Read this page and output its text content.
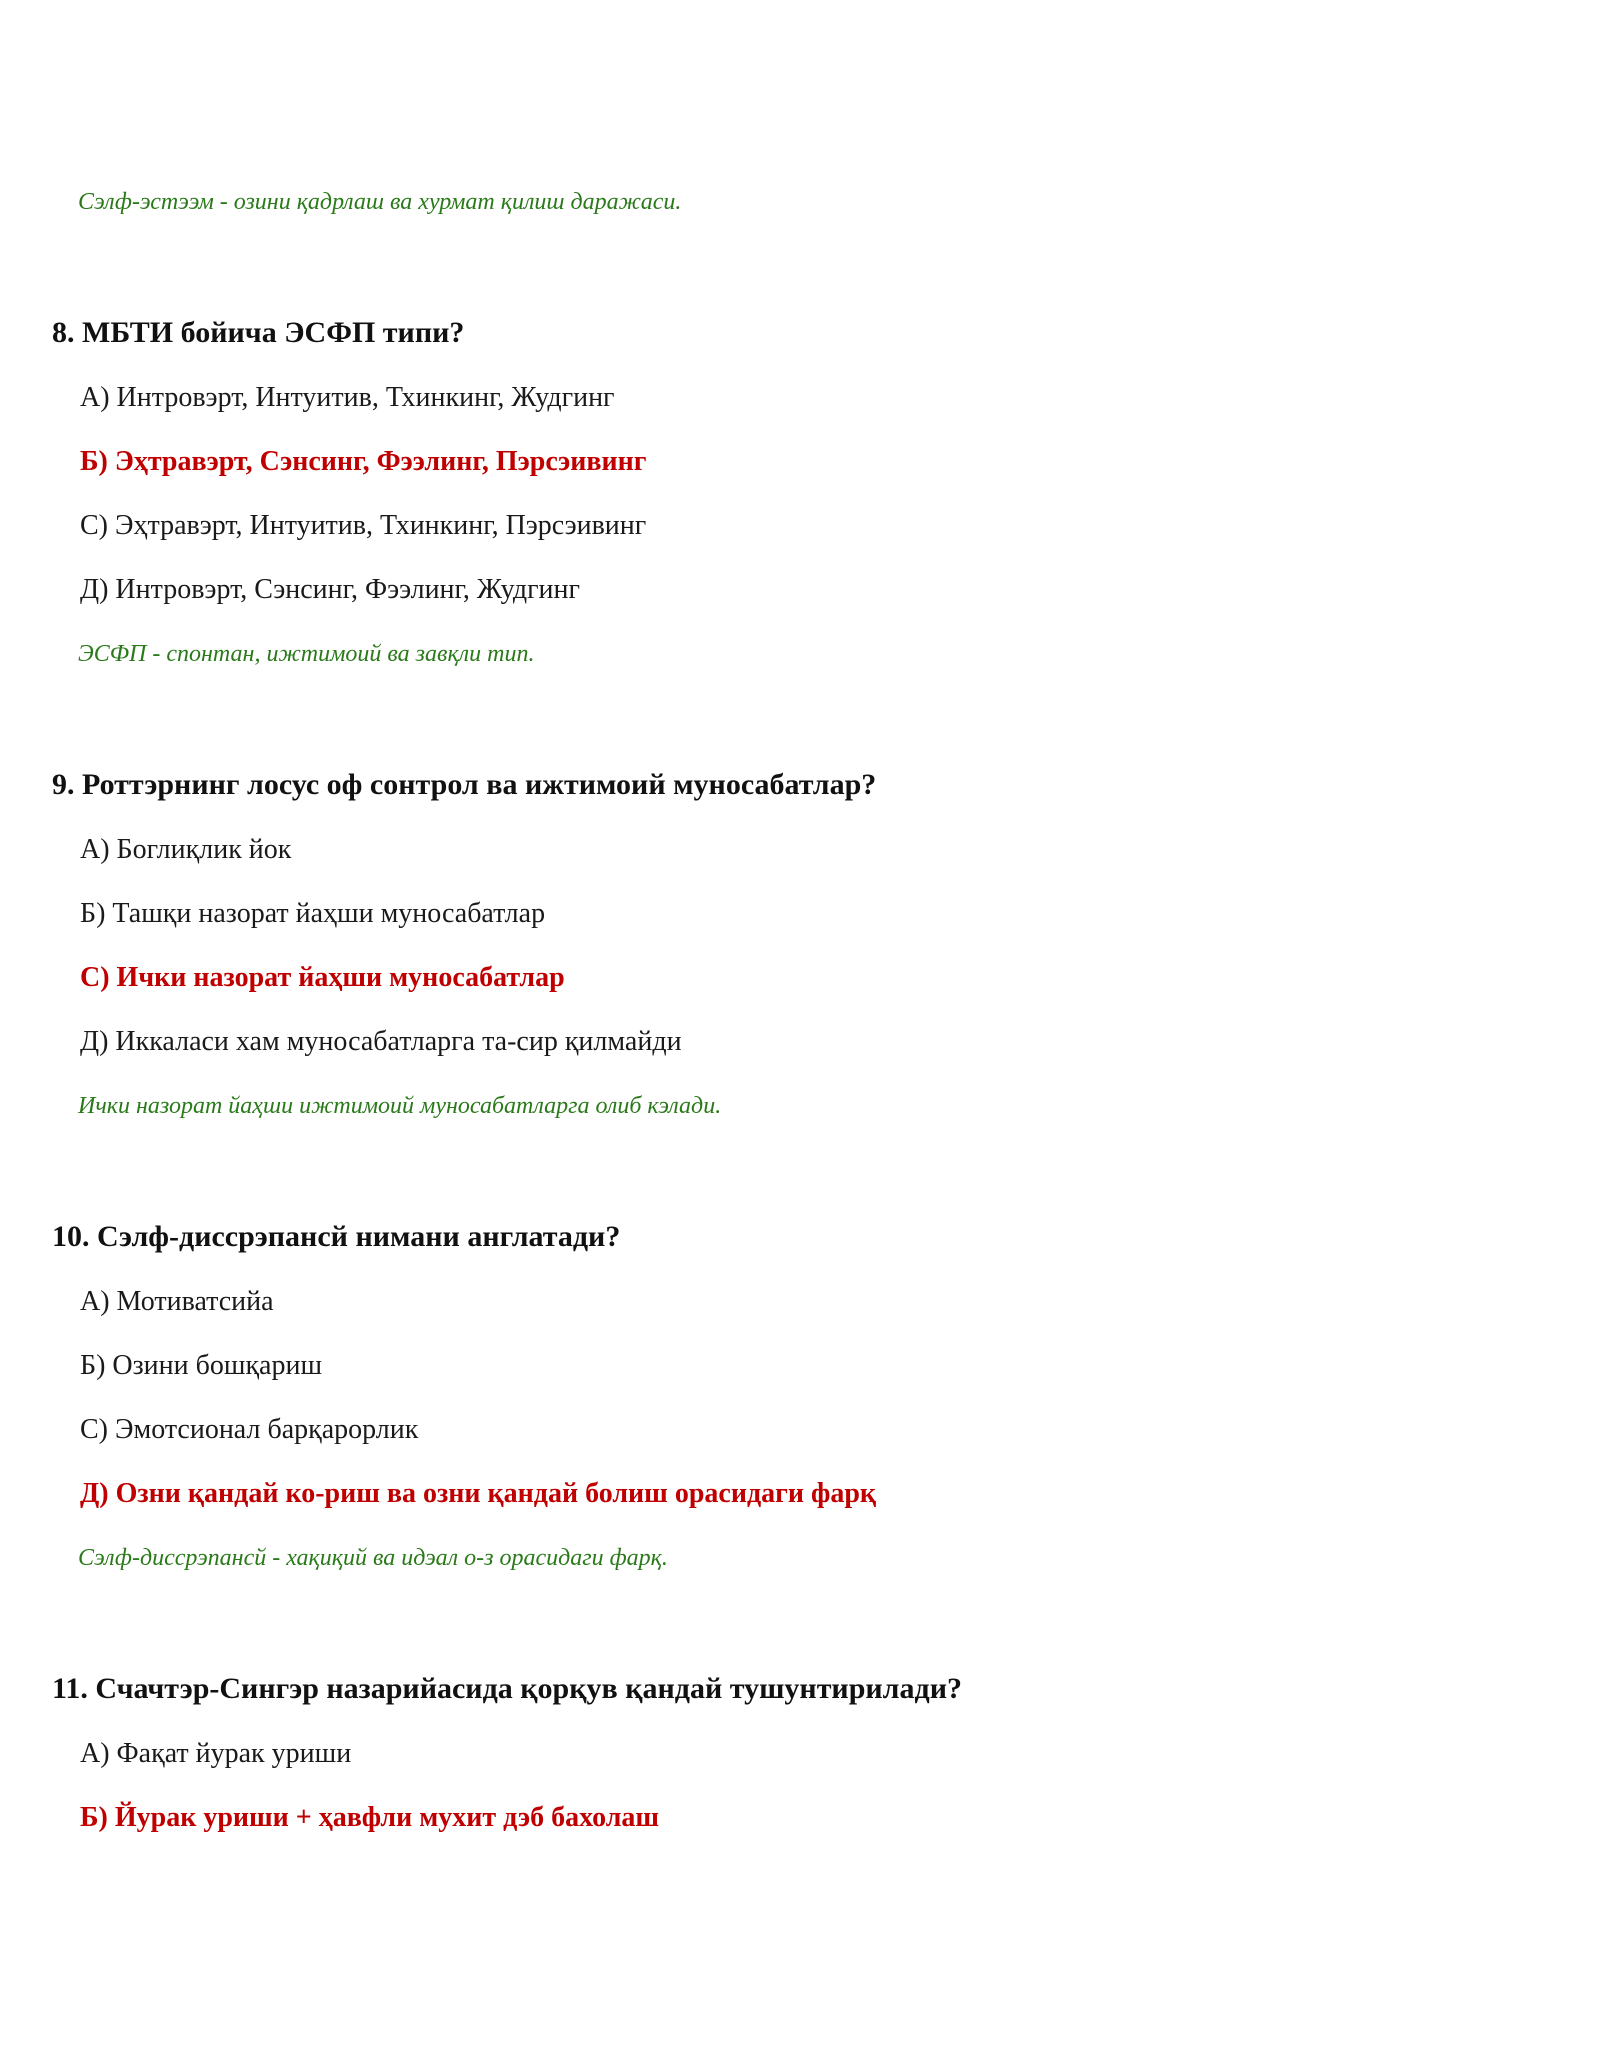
Сэлф-эстээм - озини қадрлаш ва хурмат қилиш даражаси.
8. МБТИ бойича ЭСФП типи?
А) Интровэрт, Интуитив, Тхинкинг, Жудгинг
Б) Эҳтравэрт, Сэнсинг, Фээлинг, Пэрсэивинг
С) Эҳтравэрт, Интуитив, Тхинкинг, Пэрсэивинг
Д) Интровэрт, Сэнсинг, Фээлинг, Жудгинг
ЭСФП - спонтан, ижтимоий ва завқли тип.
9. Роттэрнинг лосус оф сонтрол ва ижтимоий муносабатлар?
А) Боглиқлик йок
Б) Ташқи назорат йаҳши муносабатлар
С) Ички назорат йаҳши муносабатлар
Д) Иккаласи хам муносабатларга та-сир қилмайди
Ички назорат йаҳши ижтимоий муносабатларга олиб кэлади.
10. Сэлф-диссрэпансй нимани англатади?
А) Мотиватсийа
Б) Озини бошқариш
С) Эмотсионал барқарорлик
Д) Озни қандай ко-риш ва озни қандай болиш орасидаги фарқ
Сэлф-диссрэпансй - хақиқий ва идэал о-з орасидаги фарқ.
11. Счачтэр-Сингэр назарийасида қорқув қандай тушунтирилади?
А) Фақат йурак уриши
Б) Йурак уриши + ҳавфли мухит дэб бахолаш
